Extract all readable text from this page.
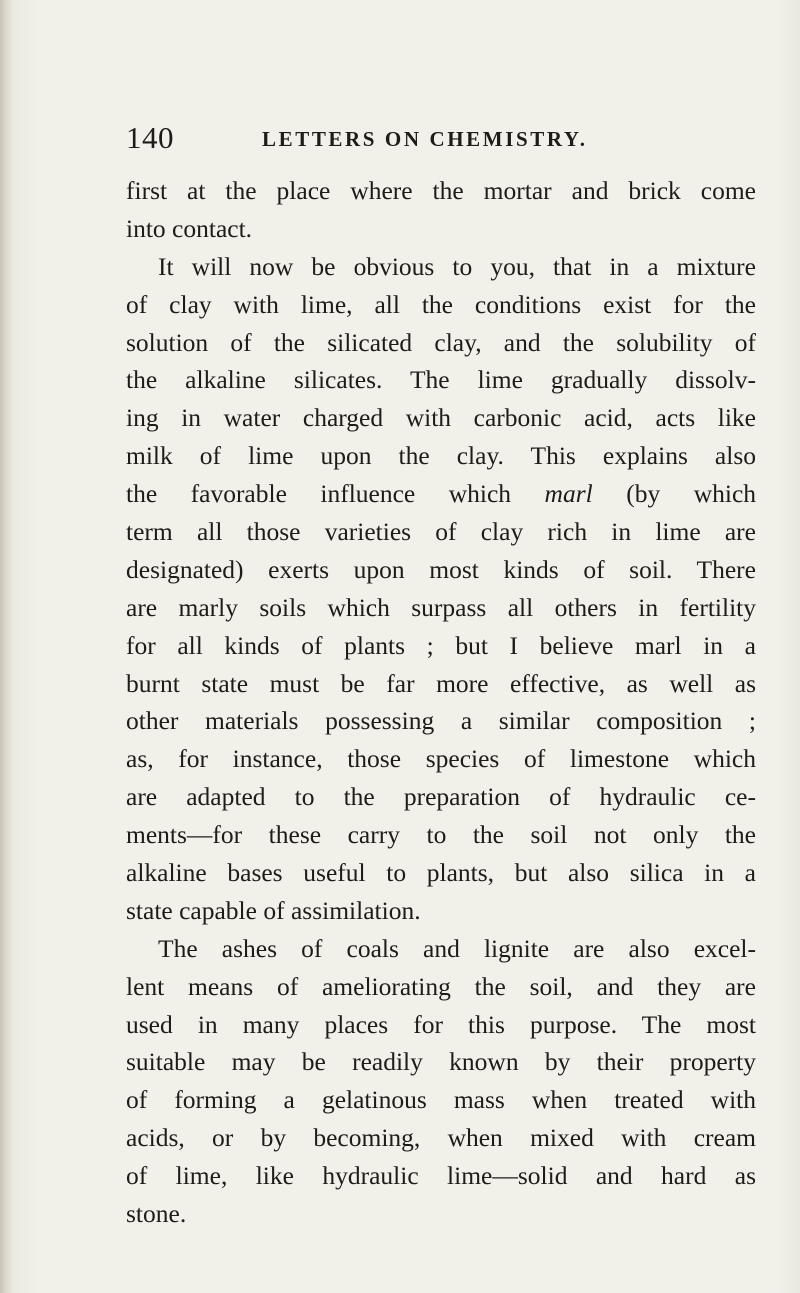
140	LETTERS ON CHEMISTRY.
first at the place where the mortar and brick come
into contact.
It will now be obvious to you, that in a mixture
of clay with lime, all the conditions exist for the
solution of the silicated clay, and the solubility of
the alkaline silicates. The lime gradually dissolv-
ing in water charged with carbonic acid, acts like
milk of lime upon the clay. This explains also
the favorable influence which marl (by which
term all those varieties of clay rich in lime are
designated) exerts upon most kinds of soil. There
are marly soils which surpass all others in fertility
for all kinds of plants ; but I believe marl in a
burnt state must be far more effective, as well as
other materials possessing a similar composition ;
as, for instance, those species of limestone which
are adapted to the preparation of hydraulic ce-
ments—for these carry to the soil not only the
alkaline bases useful to plants, but also silica in a
state capable of assimilation.
The ashes of coals and lignite are also excel-
lent means of ameliorating the soil, and they are
used in many places for this purpose. The most
suitable may be readily known by their property
of forming a gelatinous mass when treated with
acids, or by becoming, when mixed with cream
of lime, like hydraulic lime—solid and hard as
stone.
